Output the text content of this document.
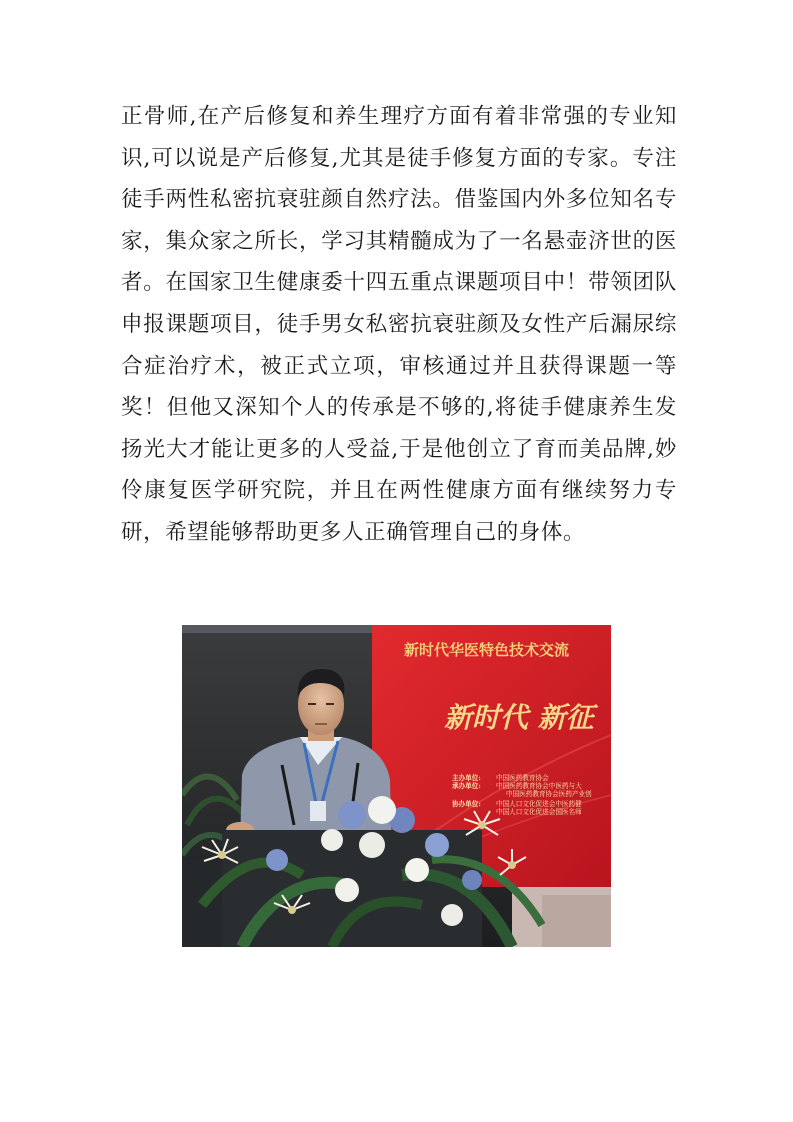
正骨师,在产后修复和养生理疗方面有着非常强的专业知识,可以说是产后修复,尤其是徒手修复方面的专家。专注徒手两性私密抗衰驻颜自然疗法。借鉴国内外多位知名专家，集众家之所长，学习其精髓成为了一名悬壶济世的医者。在国家卫生健康委十四五重点课题项目中！带领团队申报课题项目，徒手男女私密抗衰驻颜及女性产后漏尿综合症治疗术，被正式立项，审核通过并且获得课题一等奖！但他又深知个人的传承是不够的,将徒手健康养生发扬光大才能让更多的人受益,于是他创立了育而美品牌,妙伶康复医学研究院，并且在两性健康方面有继续努力专研，希望能够帮助更多人正确管理自己的身体。

新时代华医特色技术交流
新时代 新征
主办单位: 中国医药教育协会
承办单位: 中国医药教育协会中医药与大
中国医药教育协会医药产业创
协办单位: 中国人口文化促进会中医药健
中国人口文化促进会国医名师
